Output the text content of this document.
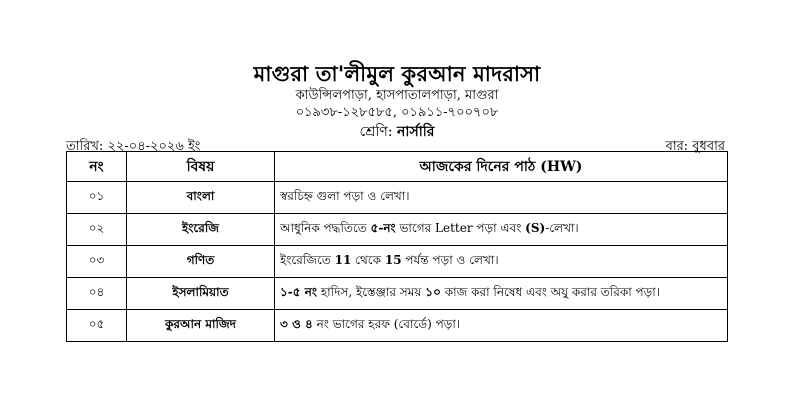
মাগুরা তা'লীমুল কুরআন মাদরাসা
কাউন্সিলপাড়া, হাসপাতালপাড়া, মাগুরা
০১৯৩৮-১২৮৫৮৫, ০১৯১১-৭০০৭০৮
শ্রেণি: নার্সারি
তারিখ: ২২-০৪-২০২৬ ইং	বার: বুধবার
নং	বিষয়	আজকের দিনের পাঠ (HW)
০১	বাংলা	স্বরচিহ্ন গুলা পড়া ও লেখা।
০২	ইংরেজি	আধুনিক পদ্ধতিতে ৫-নং ভাগের Letter পড়া এবং (S)-লেখা।
০৩	গণিত	ইংরেজিতে 11 থেকে 15 পর্যন্ত পড়া ও লেখা।
০৪	ইসলামিয়াত	১-৫ নং হাদিস, ইস্তেঞ্জার সময় ১০ কাজ করা নিষেধ এবং অযু করার তরিকা পড়া।
০৫	কুরআন মাজিদ	৩ ও ৪ নং ভাগের হরফ (বোর্ডে) পড়া।
